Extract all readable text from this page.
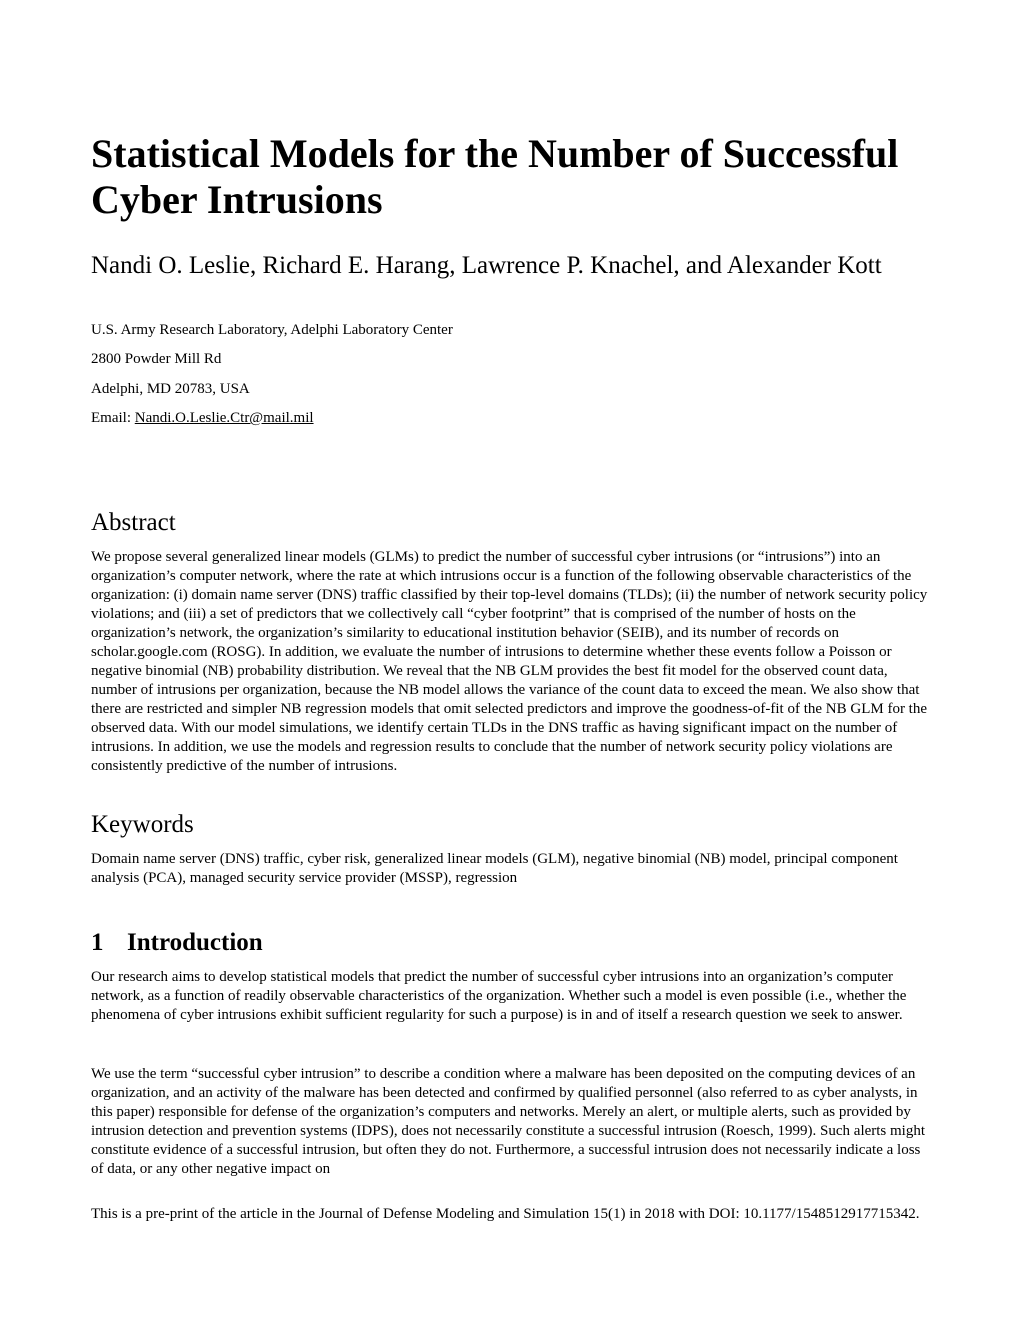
Statistical Models for the Number of Successful Cyber Intrusions
Nandi O. Leslie, Richard E. Harang, Lawrence P. Knachel, and Alexander Kott

U.S. Army Research Laboratory, Adelphi Laboratory Center

2800 Powder Mill Rd

Adelphi, MD 20783, USA

Email: Nandi.O.Leslie.Ctr@mail.mil

Abstract

We propose several generalized linear models (GLMs) to predict the number of successful cyber intrusions (or “intrusions”) into an organization’s computer network, where the rate at which intrusions occur is a function of the following observable characteristics of the organization: (i) domain name server (DNS) traffic classified by their top-level domains (TLDs); (ii) the number of network security policy violations; and (iii) a set of predictors that we collectively call “cyber footprint” that is comprised of the number of hosts on the organization’s network, the organization’s similarity to educational institution behavior (SEIB), and its number of records on scholar.google.com (ROSG). In addition, we evaluate the number of intrusions to determine whether these events follow a Poisson or negative binomial (NB) probability distribution. We reveal that the NB GLM provides the best fit model for the observed count data, number of intrusions per organization, because the NB model allows the variance of the count data to exceed the mean. We also show that there are restricted and simpler NB regression models that omit selected predictors and improve the goodness-of-fit of the NB GLM for the observed data. With our model simulations, we identify certain TLDs in the DNS traffic as having significant impact on the number of intrusions. In addition, we use the models and regression results to conclude that the number of network security policy violations are consistently predictive of the number of intrusions.

Keywords

Domain name server (DNS) traffic, cyber risk, generalized linear models (GLM), negative binomial (NB) model, principal component analysis (PCA), managed security service provider (MSSP), regression

1 Introduction

Our research aims to develop statistical models that predict the number of successful cyber intrusions into an organization’s computer network, as a function of readily observable characteristics of the organization. Whether such a model is even possible (i.e., whether the phenomena of cyber intrusions exhibit sufficient regularity for such a purpose) is in and of itself a research question we seek to answer.

We use the term “successful cyber intrusion” to describe a condition where a malware has been deposited on the computing devices of an organization, and an activity of the malware has been detected and confirmed by qualified personnel (also referred to as cyber analysts, in this paper) responsible for defense of the organization’s computers and networks. Merely an alert, or multiple alerts, such as provided by intrusion detection and prevention systems (IDPS), does not necessarily constitute a successful intrusion (Roesch, 1999). Such alerts might constitute evidence of a successful intrusion, but often they do not. Furthermore, a successful intrusion does not necessarily indicate a loss of data, or any other negative impact on

This is a pre-print of the article in the Journal of Defense Modeling and Simulation 15(1) in 2018 with DOI: 10.1177/1548512917715342.
